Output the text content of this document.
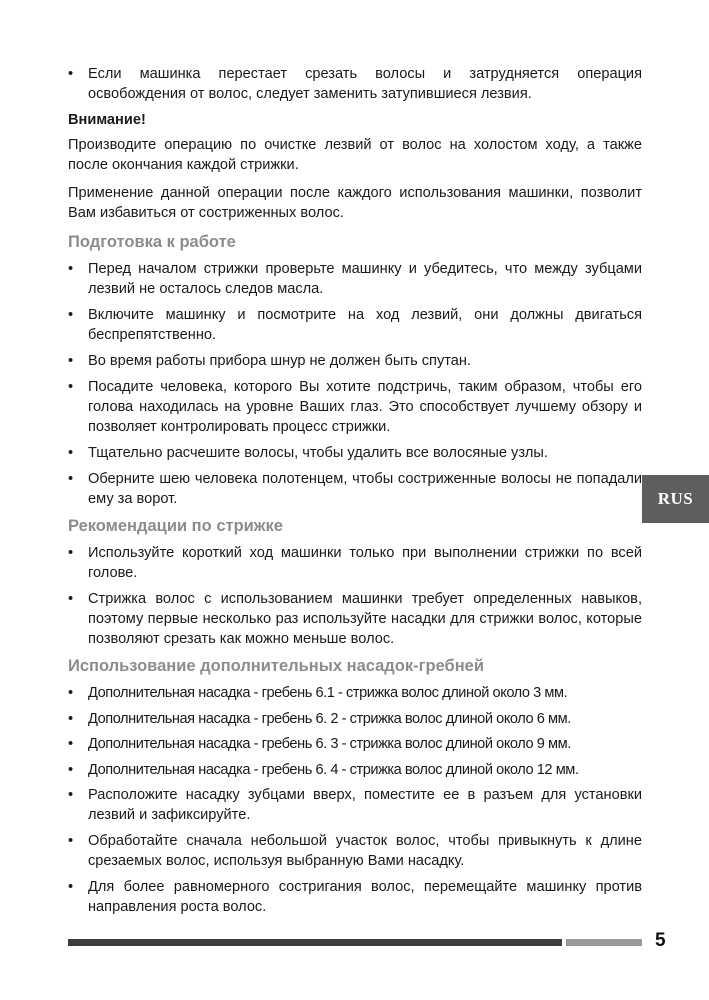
• Если машинка перестает срезать волосы и затрудняется операция освобождения от волос, следует заменить затупившиеся лезвия.

Внимание!

Производите операцию по очистке лезвий от волос на холостом ходу, а также после окончания каждой стрижки.

Применение данной операции после каждого использования машинки, позволит Вам избавиться от состриженных волос.

Подготовка к работе

• Перед началом стрижки проверьте машинку и убедитесь, что между зубцами лезвий не осталось следов масла.

• Включите машинку и посмотрите на ход лезвий, они должны двигаться беспрепятственно.

• Во время работы прибора шнур не должен быть спутан.

• Посадите человека, которого Вы хотите подстричь, таким образом, чтобы его голова находилась на уровне Ваших глаз. Это способствует лучшему обзору и позволяет контролировать процесс стрижки.

• Тщательно расчешите волосы, чтобы удалить все волосяные узлы.

• Оберните шею человека полотенцем, чтобы состриженные волосы не попадали ему за ворот.

Рекомендации по стрижке

• Используйте короткий ход машинки только при выполнении стрижки по всей голове.

• Стрижка волос с использованием машинки требует определенных навыков, поэтому первые несколько раз используйте насадки для стрижки волос, которые позволяют срезать как можно меньше волос.

Использование дополнительных насадок-гребней

• Дополнительная насадка - гребень 6.1 - стрижка волос длиной около 3 мм.

• Дополнительная насадка - гребень 6. 2 - стрижка волос длиной около 6 мм.

• Дополнительная насадка - гребень 6. 3 - стрижка волос длиной около 9 мм.

• Дополнительная насадка - гребень 6. 4 - стрижка волос длиной около 12 мм.

• Расположите насадку зубцами вверх, поместите ее в разъем для установки лезвий и зафиксируйте.

• Обработайте сначала небольшой участок волос, чтобы привыкнуть к длине срезаемых волос, используя выбранную Вами насадку.

• Для более равномерного состригания волос, перемещайте машинку против направления роста волос.

RUS
5
